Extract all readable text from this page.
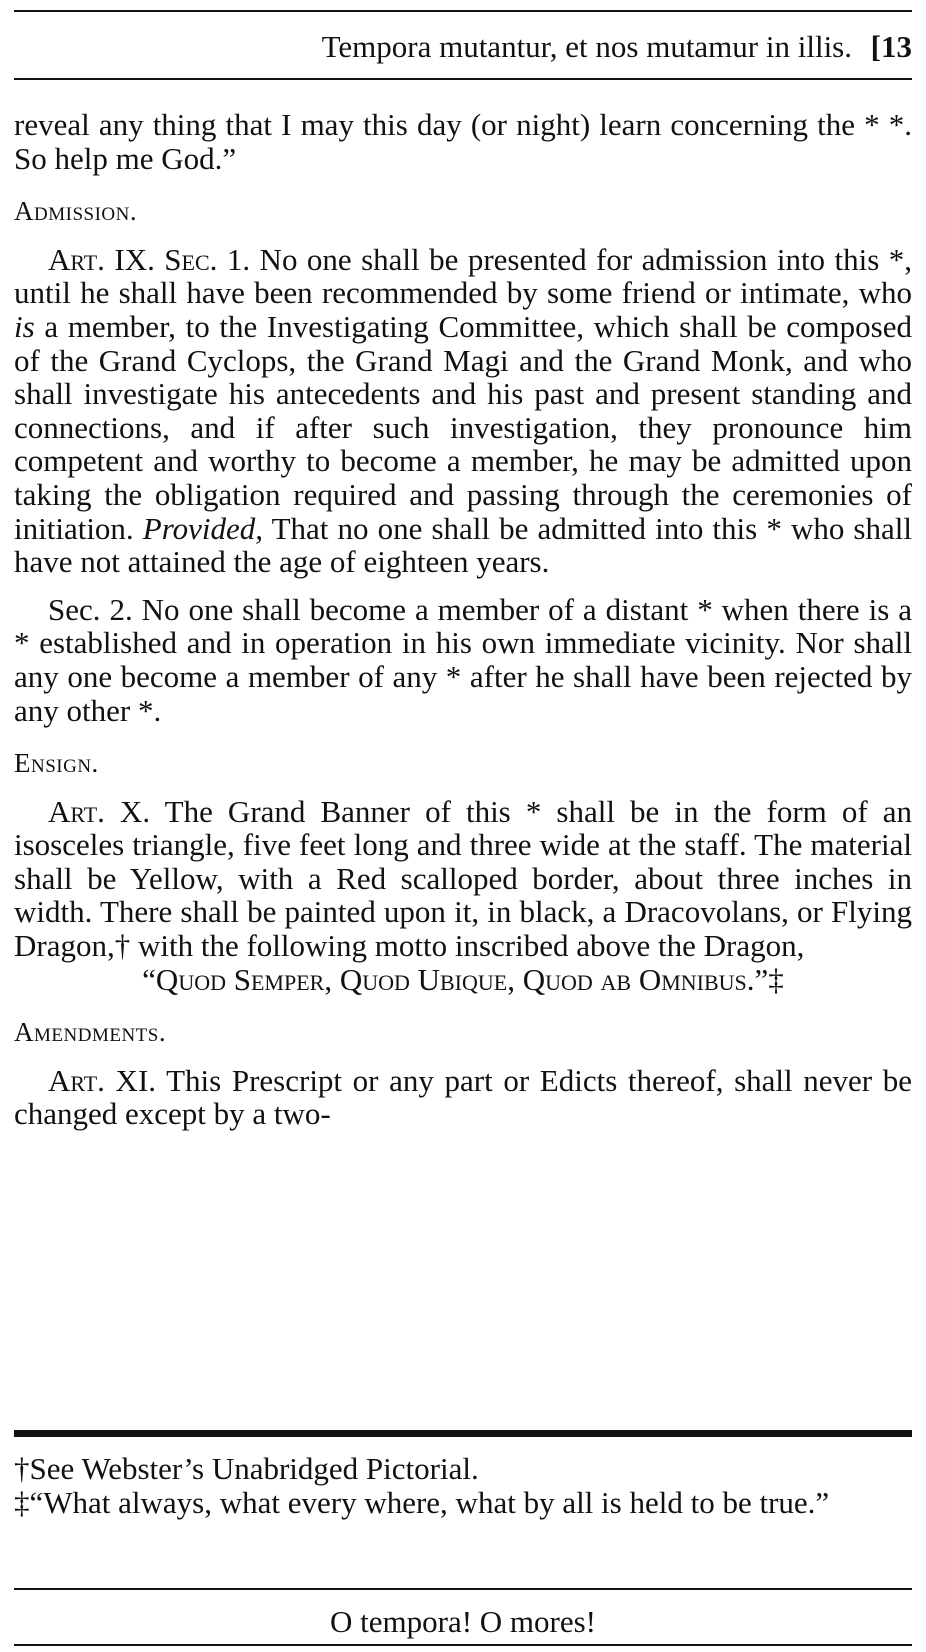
Tempora mutantur, et nos mutamur in illis. [13

reveal any thing that I may this day (or night) learn concerning the * *. So help me God.”

Admission.

Art. IX. Sec. 1. No one shall be presented for admission into this *, until he shall have been recommended by some friend or intimate, who is a member, to the Investigating Committee, which shall be composed of the Grand Cyclops, the Grand Magi and the Grand Monk, and who shall investigate his antecedents and his past and present standing and connections, and if after such investigation, they pronounce him competent and worthy to become a member, he may be admitted upon taking the obligation required and passing through the ceremonies of initiation. Provided, That no one shall be admitted into this * who shall have not attained the age of eighteen years.

Sec. 2. No one shall become a member of a distant * when there is a * established and in operation in his own immediate vicinity. Nor shall any one become a member of any * after he shall have been rejected by any other *.

Ensign.

Art. X. The Grand Banner of this * shall be in the form of an isosceles triangle, five feet long and three wide at the staff. The material shall be Yellow, with a Red scalloped border, about three inches in width. There shall be painted upon it, in black, a Dracovolans, or Flying Dragon,† with the following motto inscribed above the Dragon,

“Quod Semper, Quod Ubique, Quod ab Omnibus.”‡

Amendments.

Art. XI. This Prescript or any part or Edicts thereof, shall never be changed except by a two-

†See Webster’s Unabridged Pictorial.

‡“What always, what every where, what by all is held to be true.”

O tempora! O mores!
